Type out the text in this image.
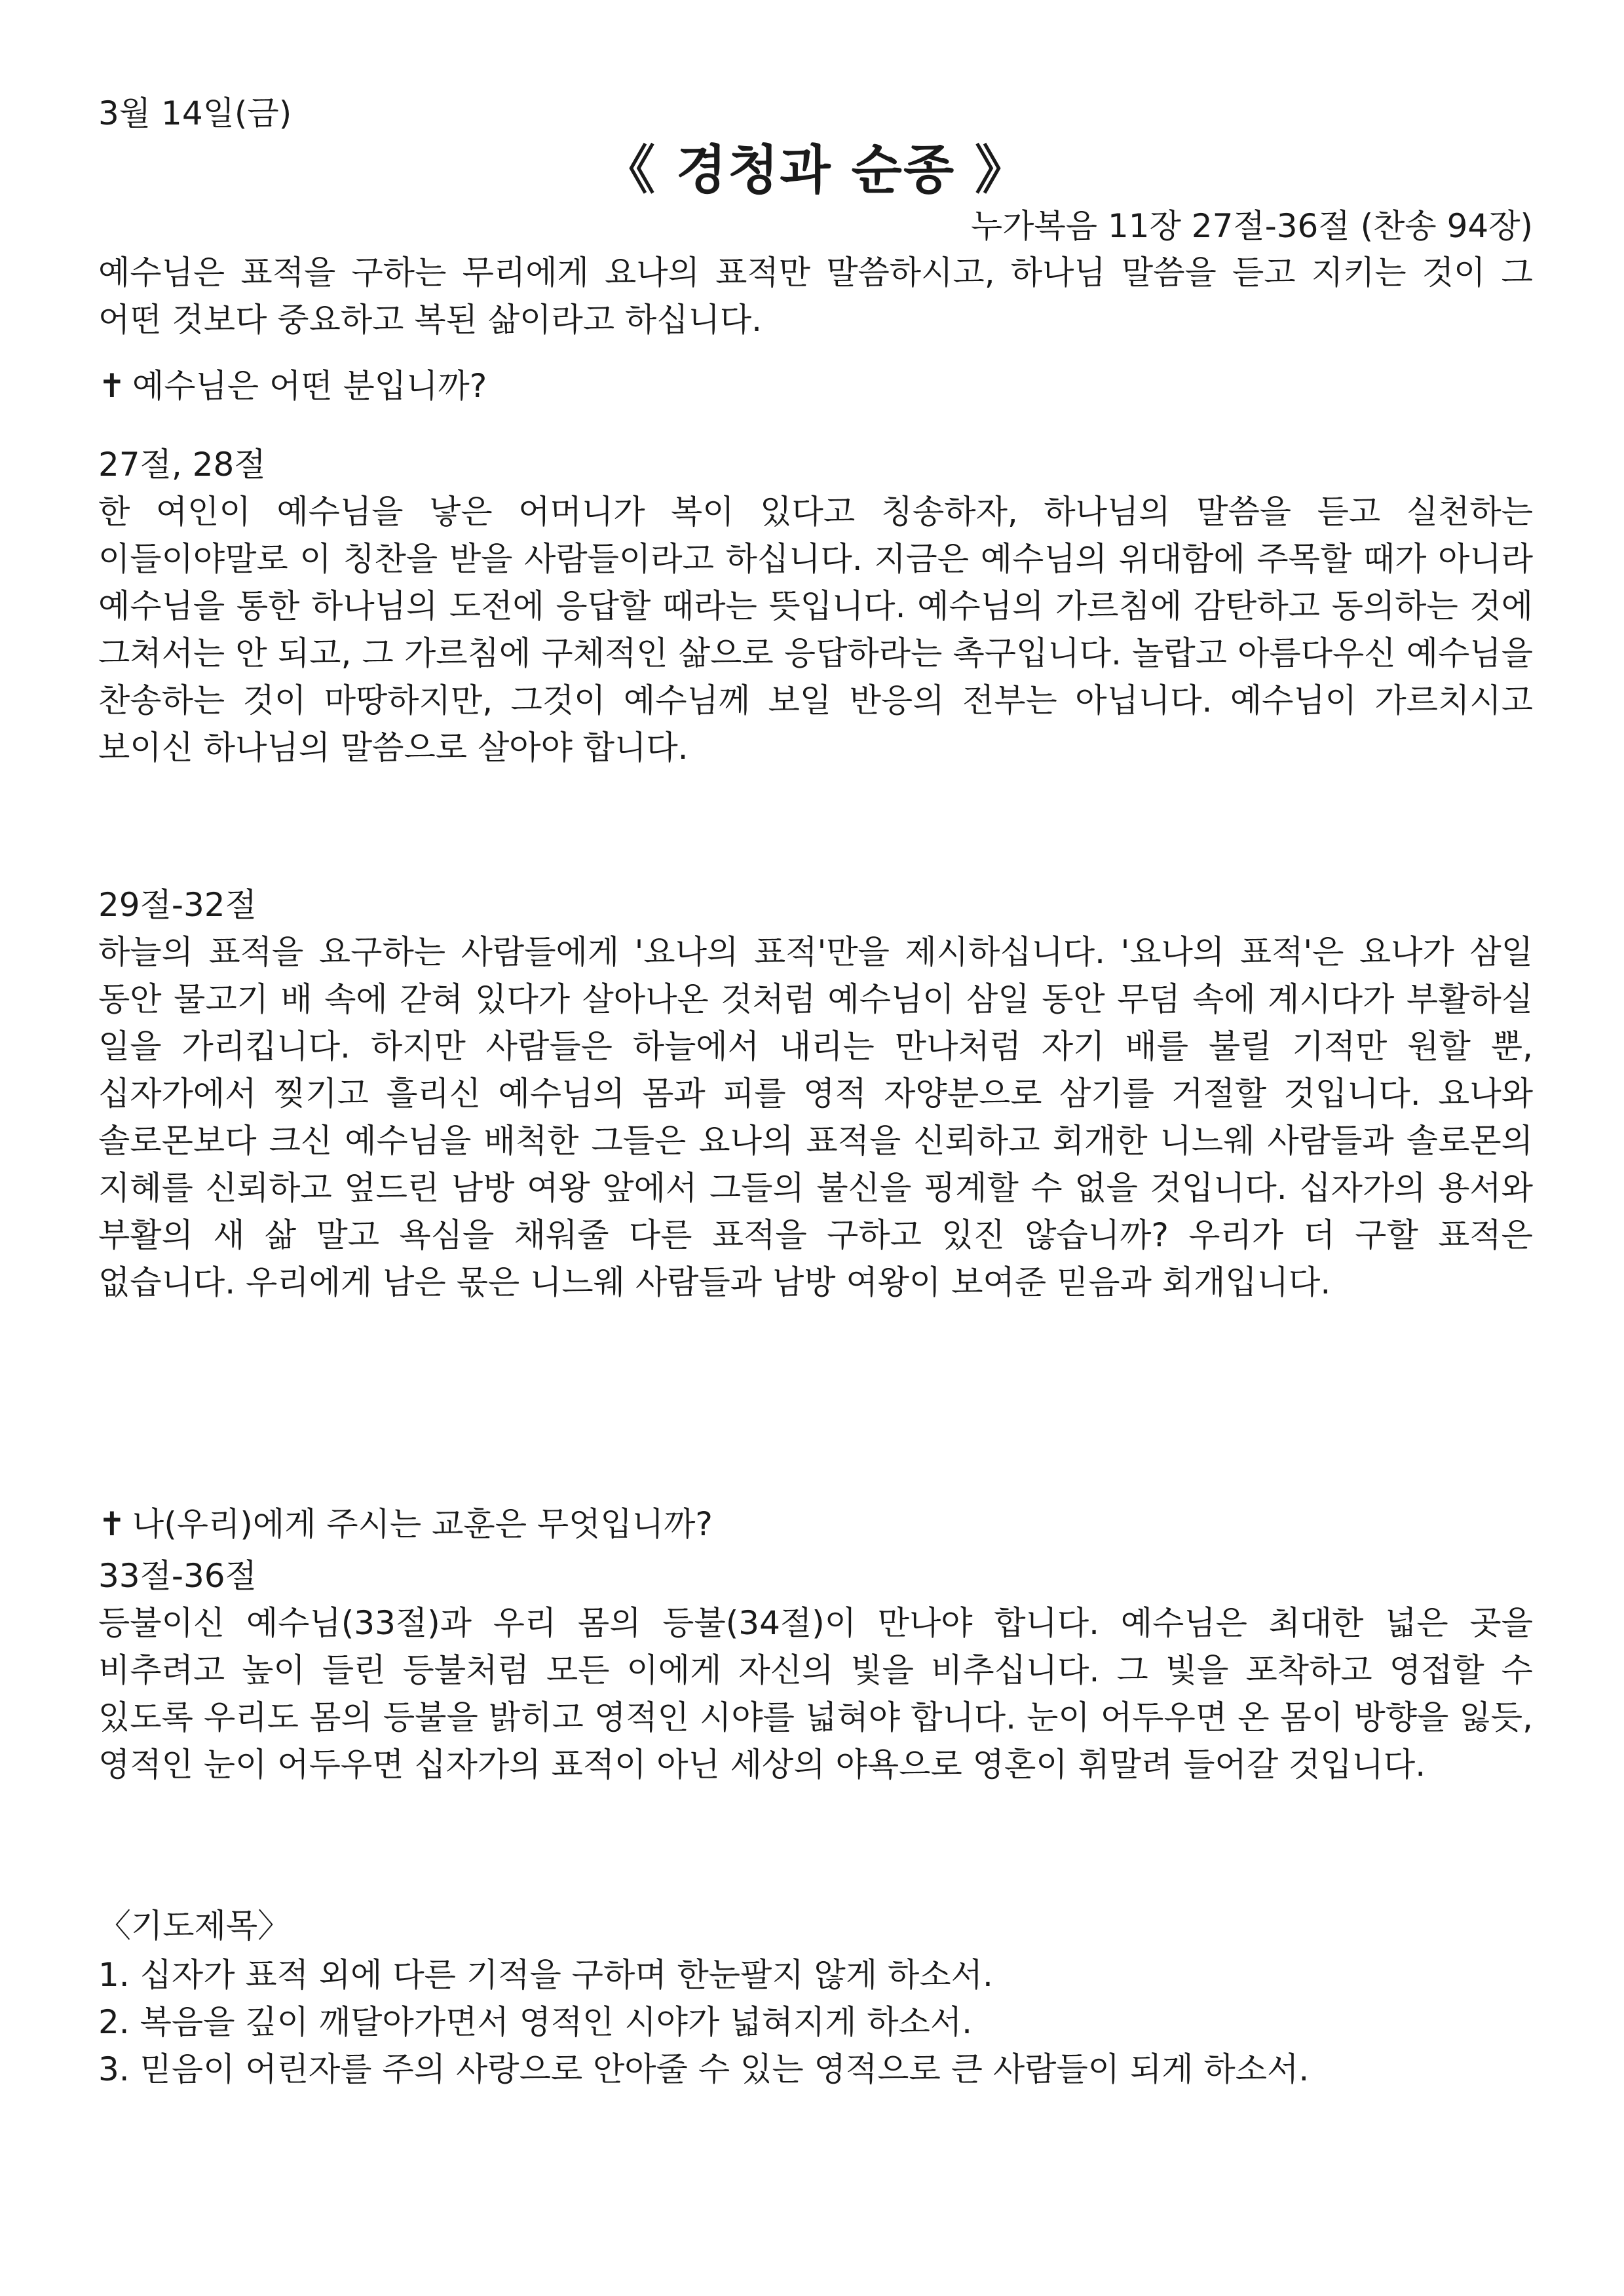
3월 14일(금)
《 경청과 순종 》
누가복음 11장 27절-36절 (찬송 94장)
예수님은 표적을 구하는 무리에게 요나의 표적만 말씀하시고, 하나님 말씀을 듣고 지키는 것이 그 어떤 것보다 중요하고 복된 삶이라고 하십니다.
✝ 예수님은 어떤 분입니까?
27절, 28절
한 여인이 예수님을 낳은 어머니가 복이 있다고 칭송하자, 하나님의 말씀을 듣고 실천하는 이들이야말로 이 칭찬을 받을 사람들이라고 하십니다. 지금은 예수님의 위대함에 주목할 때가 아니라 예수님을 통한 하나님의 도전에 응답할 때라는 뜻입니다. 예수님의 가르침에 감탄하고 동의하는 것에 그쳐서는 안 되고, 그 가르침에 구체적인 삶으로 응답하라는 촉구입니다. 놀랍고 아름다우신 예수님을 찬송하는 것이 마땅하지만, 그것이 예수님께 보일 반응의 전부는 아닙니다. 예수님이 가르치시고 보이신 하나님의 말씀으로 살아야 합니다.
29절-32절
하늘의 표적을 요구하는 사람들에게 '요나의 표적'만을 제시하십니다. '요나의 표적'은 요나가 삼일 동안 물고기 배 속에 갇혀 있다가 살아나온 것처럼 예수님이 삼일 동안 무덤 속에 계시다가 부활하실 일을 가리킵니다. 하지만 사람들은 하늘에서 내리는 만나처럼 자기 배를 불릴 기적만 원할 뿐, 십자가에서 찢기고 흘리신 예수님의 몸과 피를 영적 자양분으로 삼기를 거절할 것입니다. 요나와 솔로몬보다 크신 예수님을 배척한 그들은 요나의 표적을 신뢰하고 회개한 니느웨 사람들과 솔로몬의 지혜를 신뢰하고 엎드린 남방 여왕 앞에서 그들의 불신을 핑계할 수 없을 것입니다. 십자가의 용서와 부활의 새 삶 말고 욕심을 채워줄 다른 표적을 구하고 있진 않습니까? 우리가 더 구할 표적은 없습니다. 우리에게 남은 몫은 니느웨 사람들과 남방 여왕이 보여준 믿음과 회개입니다.
✝ 나(우리)에게 주시는 교훈은 무엇입니까?
33절-36절
등불이신 예수님(33절)과 우리 몸의 등불(34절)이 만나야 합니다. 예수님은 최대한 넓은 곳을 비추려고 높이 들린 등불처럼 모든 이에게 자신의 빛을 비추십니다. 그 빛을 포착하고 영접할 수 있도록 우리도 몸의 등불을 밝히고 영적인 시야를 넓혀야 합니다. 눈이 어두우면 온 몸이 방향을 잃듯, 영적인 눈이 어두우면 십자가의 표적이 아닌 세상의 야욕으로 영혼이 휘말려 들어갈 것입니다.
〈기도제목〉
1. 십자가 표적 외에 다른 기적을 구하며 한눈팔지 않게 하소서.
2. 복음을 깊이 깨달아가면서 영적인 시야가 넓혀지게 하소서.
3. 믿음이 어린자를 주의 사랑으로 안아줄 수 있는 영적으로 큰 사람들이 되게 하소서.
